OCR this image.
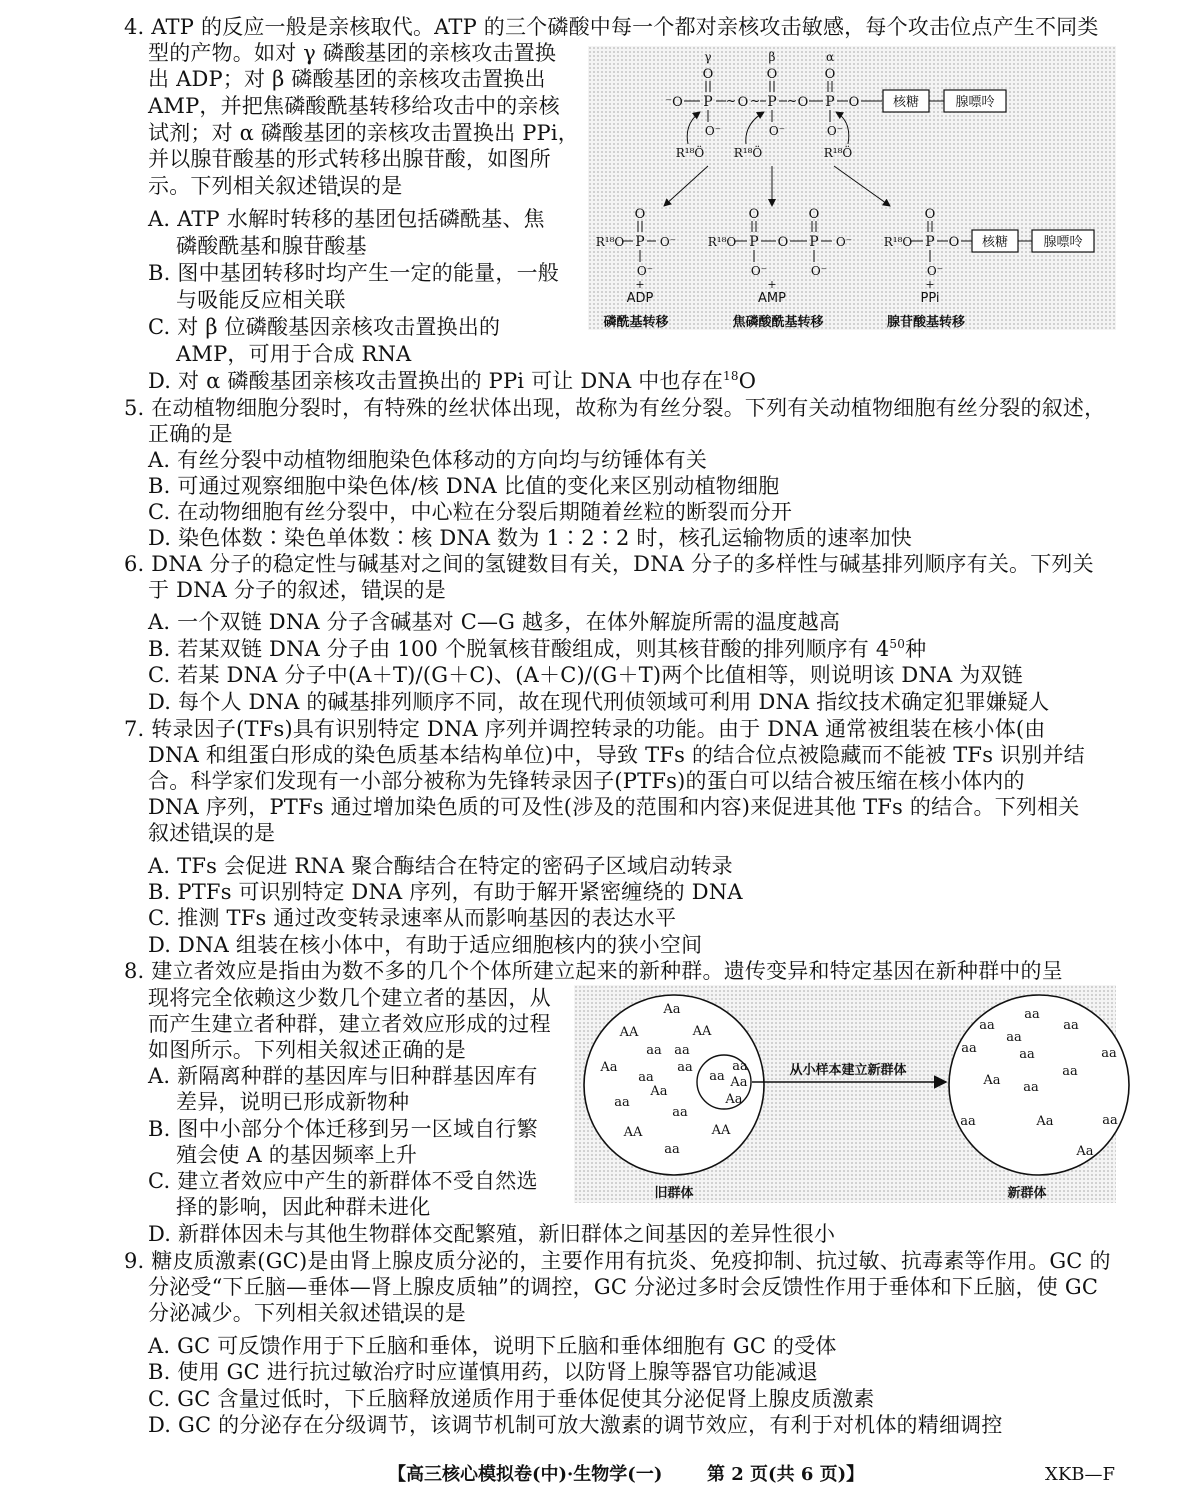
4. ATP 的反应一般是亲核取代。ATP 的三个磷酸中每一个都对亲核攻击敏感，每个攻击位点产生不同类
型的产物。如对 γ 磷酸基团的亲核攻击置换
出 ADP；对 β 磷酸基团的亲核攻击置换出
AMP，并把焦磷酸酰基转移给攻击中的亲核
试剂；对 α 磷酸基团的亲核攻击置换出 PPi，
并以腺苷酸基的形式转移出腺苷酸，如图所
示。下列相关叙述错误的是
A. ATP 水解时转移的基团包括磷酰基、焦
磷酸酰基和腺苷酸基
B. 图中基团转移时均产生一定的能量，一般
与吸能反应相关联
C. 对 β 位磷酸基因亲核攻击置换出的
AMP，可用于合成 RNA
D. 对 α 磷酸基团亲核攻击置换出的 PPi 可让 DNA 中也存在$^{18}$O
γ	β	α
O	O	O
⁻O P ~ O ~ P ~ O P O	核糖	腺嘌呤
O⁻	O⁻	O⁻
R¹⁸Ö R¹⁸Ö	R¹⁸Ö
O
R¹⁸O P O⁻
O⁻
+
ADP
O	O
R¹⁸O P O P O⁻
O⁻	O⁻
+
AMP
O
R¹⁸O P O 核糖	腺嘌呤
O⁻
+
PPi
磷酰基转移	焦磷酸酰基转移	腺苷酸基转移
5. 在动植物细胞分裂时，有特殊的丝状体出现，故称为有丝分裂。下列有关动植物细胞有丝分裂的叙述，
正确的是
A. 有丝分裂中动植物细胞染色体移动的方向均与纺锤体有关
B. 可通过观察细胞中染色体/核 DNA 比值的变化来区别动植物细胞
C. 在动物细胞有丝分裂中，中心粒在分裂后期随着丝粒的断裂而分开
D. 染色体数∶染色单体数∶核 DNA 数为 1∶2∶2 时，核孔运输物质的速率加快
6. DNA 分子的稳定性与碱基对之间的氢键数目有关，DNA 分子的多样性与碱基排列顺序有关。下列关
于 DNA 分子的叙述，错误的是
A. 一个双链 DNA 分子含碱基对 C—G 越多，在体外解旋所需的温度越高
B. 若某双链 DNA 分子由 100 个脱氧核苷酸组成，则其核苷酸的排列顺序有 $4^{50}$种
C. 若某 DNA 分子中(A＋T)/(G＋C)、(A＋C)/(G＋T)两个比值相等，则说明该 DNA 为双链
D. 每个人 DNA 的碱基排列顺序不同，故在现代刑侦领域可利用 DNA 指纹技术确定犯罪嫌疑人
7. 转录因子(TFs)具有识别特定 DNA 序列并调控转录的功能。由于 DNA 通常被组装在核小体(由
DNA 和组蛋白形成的染色质基本结构单位)中，导致 TFs 的结合位点被隐藏而不能被 TFs 识别并结
合。科学家们发现有一小部分被称为先锋转录因子(PTFs)的蛋白可以结合被压缩在核小体内的
DNA 序列，PTFs 通过增加染色质的可及性(涉及的范围和内容)来促进其他 TFs 的结合。下列相关
叙述错误的是
A. TFs 会促进 RNA 聚合酶结合在特定的密码子区域启动转录
B. PTFs 可识别特定 DNA 序列，有助于解开紧密缠绕的 DNA
C. 推测 TFs 通过改变转录速率从而影响基因的表达水平
D. DNA 组装在核小体中，有助于适应细胞核内的狭小空间
8. 建立者效应是指由为数不多的几个个体所建立起来的新种群。遗传变异和特定基因在新种群中的呈
现将完全依赖这少数几个建立者的基因，从
而产生建立者种群，建立者效应形成的过程
如图所示。下列相关叙述正确的是
A. 新隔离种群的基因库与旧种群基因库有
差异，说明已形成新物种
B. 图中小部分个体迁移到另一区域自行繁
殖会使 A 的基因频率上升
C. 建立者效应中产生的新群体不受自然选
择的影响，因此种群未进化
D. 新群体因未与其他生物群体交配繁殖，新旧群体之间基因的差异性很小
Aa
AA	AA
aa aa
Aa	aa
aa
Aa
aa
aa
AA	AA
aa
aa
aa Aa
Aa
从小样本建立新群体
aa
aa	aa
aa
aa	aa	aa
aa
Aa aa
aa	Aa	aa
Aa
旧群体	新群体
9. 糖皮质激素(GC)是由肾上腺皮质分泌的，主要作用有抗炎、免疫抑制、抗过敏、抗毒素等作用。GC 的
分泌受“下丘脑—垂体—肾上腺皮质轴”的调控，GC 分泌过多时会反馈性作用于垂体和下丘脑，使 GC
分泌减少。下列相关叙述错误的是
A. GC 可反馈作用于下丘脑和垂体，说明下丘脑和垂体细胞有 GC 的受体
B. 使用 GC 进行抗过敏治疗时应谨慎用药，以防肾上腺等器官功能减退
C. GC 含量过低时，下丘脑释放递质作用于垂体促使其分泌促肾上腺皮质激素
D. GC 的分泌存在分级调节，该调节机制可放大激素的调节效应，有利于对机体的精细调控
【高三核心模拟卷(中)·生物学(一) 第 2 页(共 6 页)】	XKB—F
